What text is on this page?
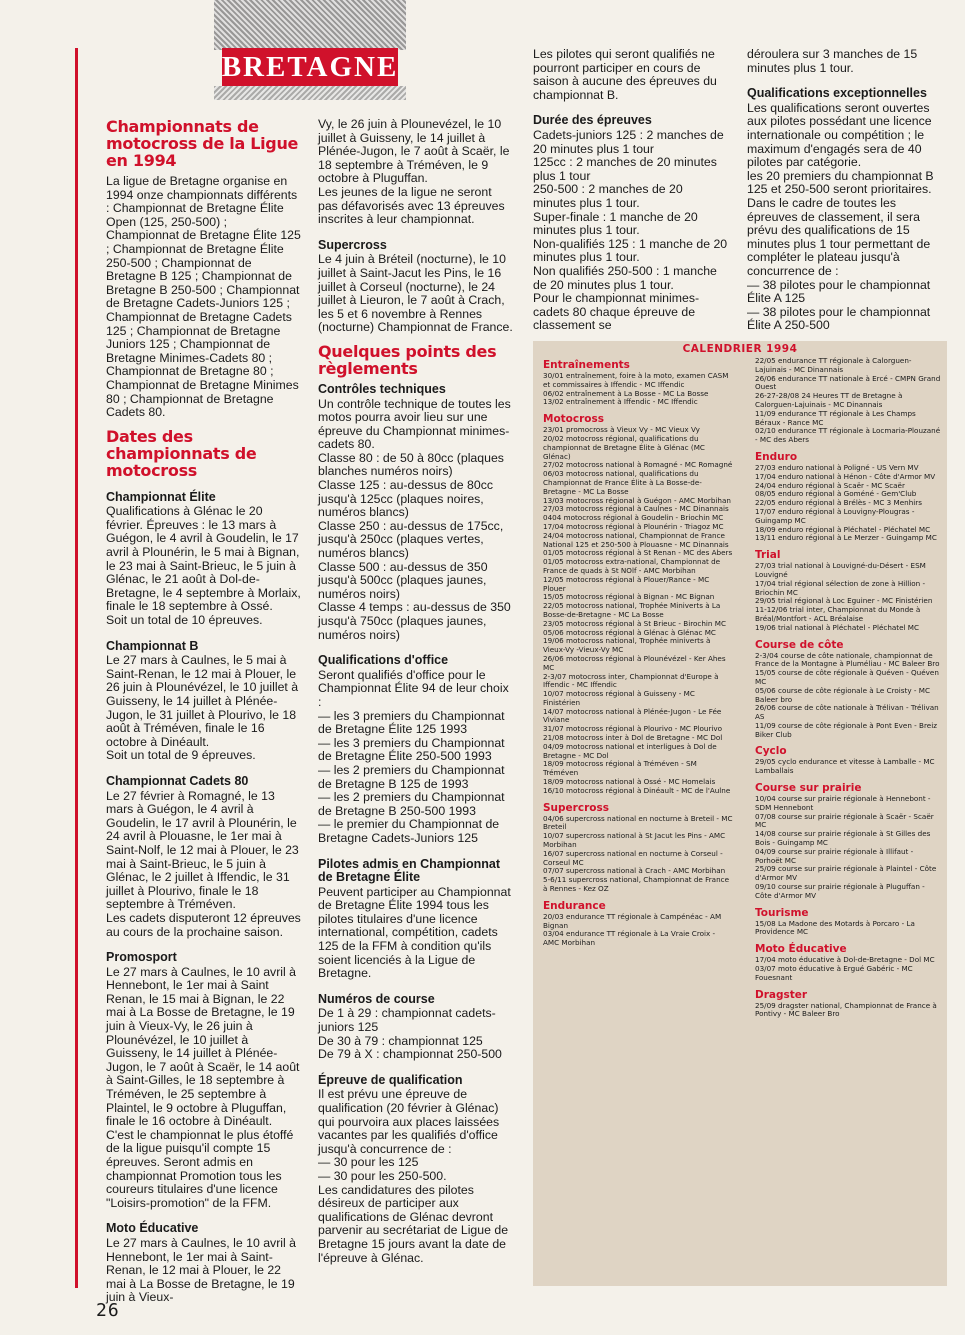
BRETAGNE
Championnats de motocross de la Ligue en 1994

La ligue de Bretagne organise en 1994 onze championnats différents : Championnat de Bretagne Élite Open (125, 250-500) ; Championnat de Bretagne Élite 125 ; Championnat de Bretagne Élite 250-500 ; Championnat de Bretagne B 125 ; Championnat de Bretagne B 250-500 ; Championnat de Bretagne Cadets-Juniors 125 ; Championnat de Bretagne Cadets 125 ; Championnat de Bretagne Juniors 125 ; Championnat de Bretagne Minimes-Cadets 80 ; Championnat de Bretagne 80 ; Championnat de Bretagne Minimes 80 ; Championnat de Bretagne Cadets 80.

Dates des championnats de motocross
Championnat Élite

Qualifications à Glénac le 20 février. Épreuves : le 13 mars à Guégon, le 4 avril à Goudelin, le 17 avril à Plounérin, le 5 mai à Bignan, le 23 mai à Saint-Brieuc, le 5 juin à Glénac, le 21 août à Dol-de-Bretagne, le 4 septembre à Morlaix, finale le 18 septembre à Ossé.

Soit un total de 10 épreuves.

Championnat B

Le 27 mars à Caulnes, le 5 mai à Saint-Renan, le 12 mai à Plouer, le 26 juin à Plounévézel, le 10 juillet à Guisseny, le 14 juillet à Plénée-Jugon, le 31 juillet à Plourivo, le 18 août à Tréméven, finale le 16 octobre à Dinéault.

Soit un total de 9 épreuves.

Championnat Cadets 80

Le 27 février à Romagné, le 13 mars à Guégon, le 4 avril à Goudelin, le 17 avril à Plounérin, le 24 avril à Plouasne, le 1er mai à Saint-Nolf, le 12 mai à Plouer, le 23 mai à Saint-Brieuc, le 5 juin à Glénac, le 2 juillet à Iffendic, le 31 juillet à Plourivo, finale le 18 septembre à Tréméven.

Les cadets disputeront 12 épreuves au cours de la prochaine saison.

Promosport

Le 27 mars à Caulnes, le 10 avril à Hennebont, le 1er mai à Saint Renan, le 15 mai à Bignan, le 22 mai à La Bosse de Bretagne, le 19 juin à Vieux-Vy, le 26 juin à Plounévézel, le 10 juillet à Guisseny, le 14 juillet à Plénée-Jugon, le 7 août à Scaër, le 14 août à Saint-Gilles, le 18 septembre à Tréméven, le 25 septembre à Plaintel, le 9 octobre à Pluguffan, finale le 16 octobre à Dinéault.

C'est le championnat le plus étoffé de la ligue puisqu'il compte 15 épreuves. Seront admis en championnat Promotion tous les coureurs titulaires d'une licence "Loisirs-promotion" de la FFM.

Moto Éducative

Le 27 mars à Caulnes, le 10 avril à Hennebont, le 1er mai à Saint-Renan, le 12 mai à Plouer, le 22 mai à La Bosse de Bretagne, le 19 juin à Vieux-

Vy, le 26 juin à Plounevézel, le 10 juillet à Guisseny, le 14 juillet à Plénée-Jugon, le 7 août à Scaër, le 18 septembre à Tréméven, le 9 octobre à Pluguffan.

Les jeunes de la ligue ne seront pas défavorisés avec 13 épreuves inscrites à leur championnat.

Supercross

Le 4 juin à Bréteil (nocturne), le 10 juillet à Saint-Jacut les Pins, le 16 juillet à Corseul (nocturne), le 24 juillet à Lieuron, le 7 août à Crach, les 5 et 6 novembre à Rennes (nocturne) Championnat de France.

Quelques points des règlements
Contrôles techniques

Un contrôle technique de toutes les motos pourra avoir lieu sur une épreuve du Championnat minimes-cadets 80.

Classe 80 : de 50 à 80cc (plaques blanches numéros noirs)

Classe 125 : au-dessus de 80cc jusqu'à 125cc (plaques noires, numéros blancs)

Classe 250 : au-dessus de 175cc, jusqu'à 250cc (plaques vertes, numéros blancs)

Classe 500 : au-dessus de 350 jusqu'à 500cc (plaques jaunes, numéros noirs)

Classe 4 temps : au-dessus de 350 jusqu'à 750cc (plaques jaunes, numéros noirs)

Qualifications d'office

Seront qualifiés d'office pour le Championnat Élite 94 de leur choix :

— les 3 premiers du Championnat de Bretagne Élite 125 1993

— les 3 premiers du Championnat de Bretagne Élite 250-500 1993

— les 2 premiers du Championnat de Bretagne B 125 de 1993

— les 2 premiers du Championnat de Bretagne B 250-500 1993

— le premier du Championnat de Bretagne Cadets-Juniors 125

Pilotes admis en Championnat de Bretagne Élite

Peuvent participer au Championnat de Bretagne Élite 1994 tous les pilotes titulaires d'une licence international, compétition, cadets 125 de la FFM à condition qu'ils soient licenciés à la Ligue de Bretagne.

Numéros de course

De 1 à 29 : championnat cadets-juniors 125

De 30 à 79 : championnat 125

De 79 à X : championnat 250-500

Épreuve de qualification

Il est prévu une épreuve de qualification (20 février à Glénac) qui pourvoira aux places laissées vacantes par les qualifiés d'office jusqu'à concurrence de :

— 30 pour les 125

— 30 pour les 250-500.

Les candidatures des pilotes désireux de participer aux qualifications de Glénac devront parvenir au secrétariat de Ligue de Bretagne 15 jours avant la date de l'épreuve à Glénac.

Les pilotes qui seront qualifiés ne pourront participer en cours de saison à aucune des épreuves du championnat B.

Durée des épreuves

Cadets-juniors 125 : 2 manches de 20 minutes plus 1 tour

125cc : 2 manches de 20 minutes plus 1 tour

250-500 : 2 manches de 20 minutes plus 1 tour.

Super-finale : 1 manche de 20 minutes plus 1 tour.

Non-qualifiés 125 : 1 manche de 20 minutes plus 1 tour.

Non qualifiés 250-500 : 1 manche de 20 minutes plus 1 tour.

Pour le championnat minimes-cadets 80 chaque épreuve de classement se

déroulera sur 3 manches de 15 minutes plus 1 tour.

Qualifications exceptionnelles

Les qualifications seront ouvertes aux pilotes possédant une licence internationale ou compétition ; le maximum d'engagés sera de 40 pilotes par catégorie.

les 20 premiers du championnat B 125 et 250-500 seront prioritaires.

Dans le cadre de toutes les épreuves de classement, il sera prévu des qualifications de 15 minutes plus 1 tour permettant de compléter le plateau jusqu'à concurrence de :

— 38 pilotes pour le championnat Élite A 125

— 38 pilotes pour le championnat Élite A 250-500

CALENDRIER 1994
Entraînements

30/01 entraînement, foire à la moto, examen CASM et commissaires à Iffendic - MC Iffendic

06/02 entraînement à La Bosse - MC La Bosse

13/02 entraînement à Iffendic - MC Iffendic

Motocross

23/01 promocross à Vieux Vy - MC Vieux Vy

20/02 motocross régional, qualifications du championnat de Bretagne Élite à Glénac (MC Glénac)

27/02 motocross national à Romagné - MC Romagné

06/03 motocross national, qualifications du Championnat de France Élite à La Bosse-de-Bretagne - MC La Bosse

13/03 motocross régional à Guégon - AMC Morbihan

27/03 motocross régional à Caulnes - MC Dinannais

0404 motocross régional à Goudelin - Briochin MC

17/04 motocross régional à Plounérin - Triagoz MC

24/04 motocross national, Championnat de France National 125 et 250-500 à Plouasne - MC Dinannais

01/05 motocross régional à St Renan - MC des Abers

01/05 motocross extra-national, Championnat de France de quads à St NOlf - AMC Morbihan

12/05 motocross régional à Plouer/Rance - MC Plouer

15/05 motocross régional à Bignan - MC Bignan

22/05 motocross national, Trophée Miniverts à La Bosse-de-Bretagne - MC La Bosse

23/05 motocross régional à St Brieuc - Birochin MC

05/06 motocross régional à Glénac à Glénac MC

19/06 motocross national, Trophée miniverts à Vieux-Vy -Vieux-Vy MC

26/06 motocross régional à Plounévézel - Ker Ahes MC

2-3/07 motocross inter, Championnat d'Europe à Iffendic - MC Iffendic

10/07 motocross régional à Guisseny - MC Finistérien

14/07 motocross national à Plénée-Jugon - Le Fée Viviane

31/07 motocross régional à Plourivo - MC Plourivo

21/08 motocross inter à Dol de Bretagne - MC Dol

04/09 motocross national et interligues à Dol de Bretagne - MC Dol

18/09 motocross régional à Tréméven - SM Tréméven

18/09 motocross national à Ossé - MC Homelais

16/10 motocross régional à Dinéault - MC de l'Aulne

Supercross

04/06 supercross national en nocturne à Breteil - MC Breteil

10/07 supercross national à St Jacut les Pins - AMC Morbihan

16/07 supercross national en nocturne à Corseul -Corseul MC

07/07 supercross national à Crach - AMC Morbihan

5-6/11 supercross national, Championnat de France à Rennes - Kez OZ

Endurance

20/03 endurance TT régionale à Campénéac - AM Bignan

03/04 endurance TT régionale à La Vraie Croix - AMC Morbihan

22/05 endurance TT régionale à Calorguen-Lajuinais - MC Dinannais

26/06 endurance TT nationale à Ercé - CMPN Grand Ouest

26-27-28/08 24 Heures TT de Bretagne à Calorguen-Lajuinais - MC Dinannais

11/09 endurance TT régionale à Les Champs Béraux - Rance MC

02/10 endurance TT régionale à Locmaria-Plouzané - MC des Abers

Enduro

27/03 enduro national à Poligné - US Vern MV

17/04 enduro national à Hénon - Côte d'Armor MV

24/04 enduro régional à Scaër - MC Scaër

08/05 enduro régional à Goméné - Gem'Club

22/05 enduro régional à Brélès - MC 3 Menhirs

17/07 enduro régional à Louvigny-Plougras - Guingamp MC

18/09 enduro régional à Pléchatel - Pléchatel MC

13/11 enduro régional à Le Merzer - Guingamp MC

Trial

27/03 trial national à Louvigné-du-Désert - ESM Louvigné

17/04 trial régional sélection de zone à Hillion -Briochin MC

29/05 trial régional à Loc Eguiner - MC Finistérien

11-12/06 trial inter, Championnat du Monde à Bréal/Montfort - ACL Bréalaise

19/06 trial national à Pléchatel - Pléchatel MC

Course de côte

2-3/04 course de côte nationale, championnat de France de la Montagne à Pluméliau - MC Baleer Bro

15/05 course de côte régionale à Quéven - Quéven MC

05/06 course de côte régionale à Le Croisty - MC Baleer bro

26/06 course de côte nationale à Trélivan - Trélivan AS

11/09 course de côte régionale à Pont Even - Breiz Biker Club

Cyclo

29/05 cyclo endurance et vitesse à Lamballe - MC Lamballais

Course sur prairie

10/04 course sur prairie régionale à Hennebont - SDM Hennebont

07/08 course sur prairie régionale à Scaër - Scaër MC

14/08 course sur prairie régionale à St Gilles des Bois - Guingamp MC

04/09 course sur prairie régionale à Illifaut - Porhoët MC

25/09 course sur prairie régionale à Plaintel - Côte d'Armor MV

09/10 course sur prairie régionale à Pluguffan - Côte d'Armor MV

Tourisme

15/08 La Madone des Motards à Porcaro - La Providence MC

Moto Éducative

17/04 moto éducative à Dol-de-Bretagne - Dol MC

03/07 moto éducative à Ergué Gabéric - MC Fouesnant

Dragster

25/09 dragster national, Championnat de France à Pontivy - MC Baleer Bro

26
